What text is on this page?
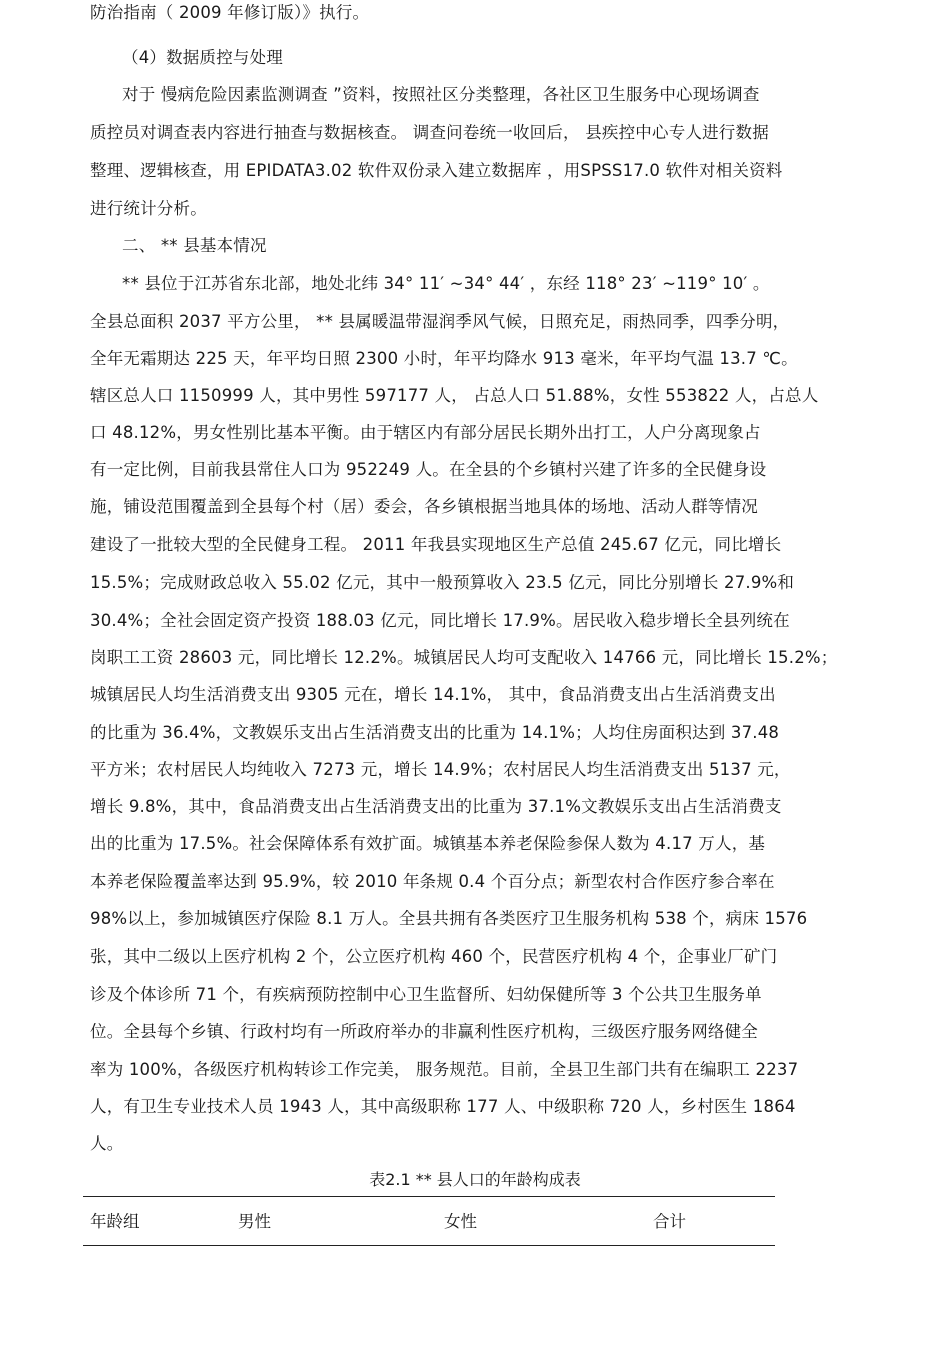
防治指南（ 2009 年修订版）》执行。
（4）数据质控与处理
对于 慢病危险因素监测调查 ”资料，按照社区分类整理，各社区卫生服务中心现场调查
质控员对调查表内容进行抽查与数据核查。 调查问卷统一收回后， 县疾控中心专人进行数据
整理、逻辑核查，用 EPIDATA3.02 软件双份录入建立数据库 ，用SPSS17.0 软件对相关资料
进行统计分析。
二、 ** 县基本情况
** 县位于江苏省东北部，地处北纬 34° 11′ ~34° 44′ ，东经 118° 23′ ~119° 10′ 。
全县总面积 2037 平方公里， ** 县属暖温带湿润季风气候，日照充足，雨热同季，四季分明，
全年无霜期达 225 天，年平均日照 2300 小时，年平均降水 913 毫米，年平均气温 13.7 ℃。
辖区总人口 1150999 人，其中男性 597177 人， 占总人口 51.88%，女性 553822 人，占总人
口 48.12%，男女性别比基本平衡。由于辖区内有部分居民长期外出打工，人户分离现象占
有一定比例，目前我县常住人口为 952249 人。在全县的个乡镇村兴建了许多的全民健身设
施，铺设范围覆盖到全县每个村（居）委会，各乡镇根据当地具体的场地、活动人群等情况
建设了一批较大型的全民健身工程。 2011 年我县实现地区生产总值 245.67 亿元，同比增长
15.5%；完成财政总收入 55.02 亿元，其中一般预算收入 23.5 亿元，同比分别增长 27.9%和
30.4%；全社会固定资产投资 188.03 亿元，同比增长 17.9%。居民收入稳步增长全县列统在
岗职工工资 28603 元，同比增长 12.2%。城镇居民人均可支配收入 14766 元，同比增长 15.2%；
城镇居民人均生活消费支出 9305 元在，增长 14.1%， 其中，食品消费支出占生活消费支出
的比重为 36.4%，文教娱乐支出占生活消费支出的比重为 14.1%；人均住房面积达到 37.48
平方米；农村居民人均纯收入 7273 元，增长 14.9%；农村居民人均生活消费支出 5137 元，
增长 9.8%，其中，食品消费支出占生活消费支出的比重为 37.1%文教娱乐支出占生活消费支
出的比重为 17.5%。社会保障体系有效扩面。城镇基本养老保险参保人数为 4.17 万人，基
本养老保险覆盖率达到 95.9%，较 2010 年条规 0.4 个百分点；新型农村合作医疗参合率在
98%以上，参加城镇医疗保险 8.1 万人。全县共拥有各类医疗卫生服务机构 538 个，病床 1576
张，其中二级以上医疗机构 2 个，公立医疗机构 460 个，民营医疗机构 4 个，企事业厂矿门
诊及个体诊所 71 个，有疾病预防控制中心卫生监督所、妇幼保健所等 3 个公共卫生服务单
位。全县每个乡镇、行政村均有一所政府举办的非赢利性医疗机构，三级医疗服务网络健全
率为 100%，各级医疗机构转诊工作完美， 服务规范。目前，全县卫生部门共有在编职工 2237
人，有卫生专业技术人员 1943 人，其中高级职称 177 人、中级职称 720 人，乡村医生 1864
人。
表2.1 ** 县人口的年龄构成表
年龄组	男性	女性	合计
